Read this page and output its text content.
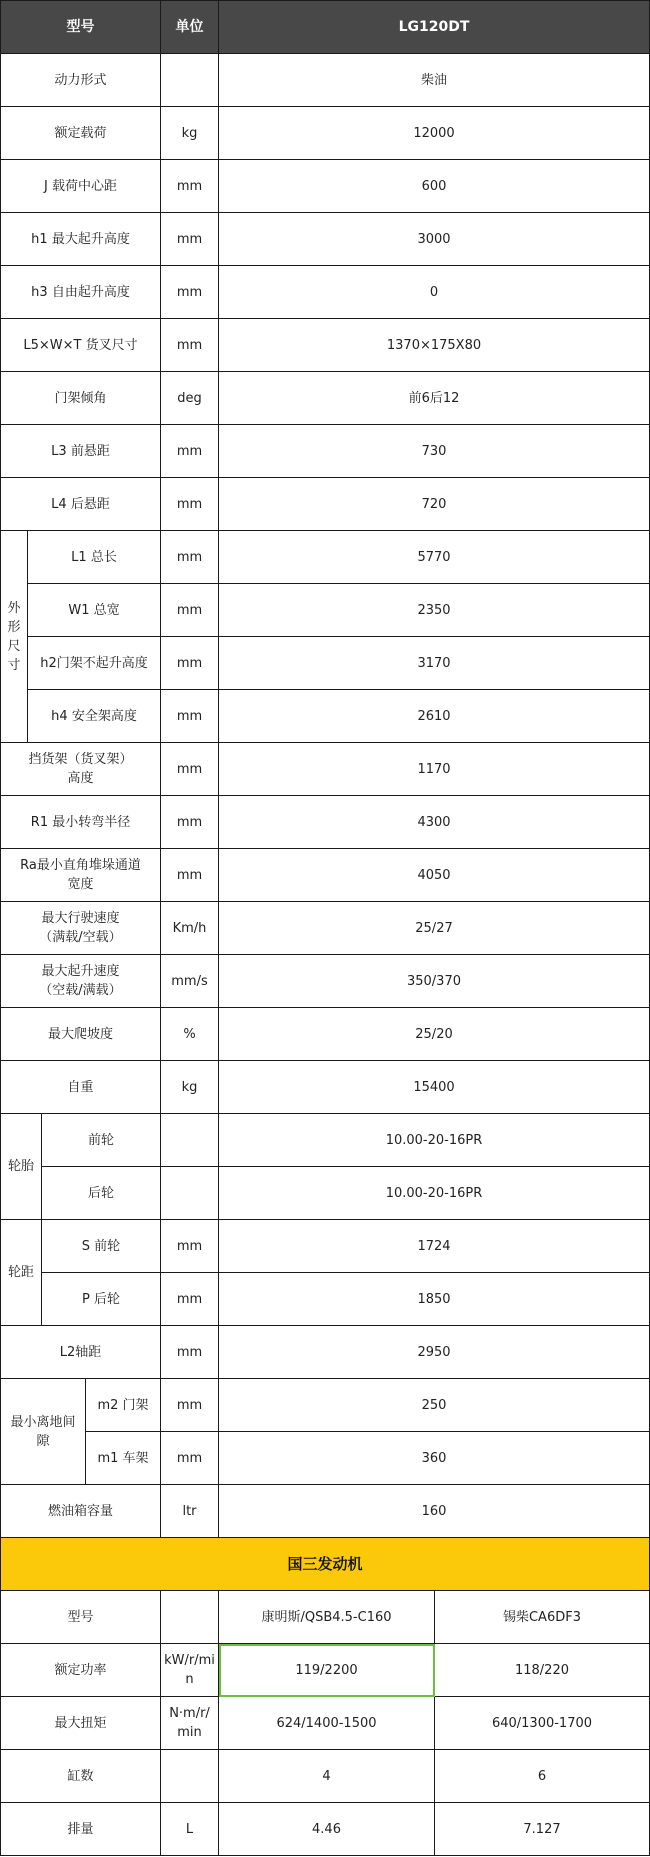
型号				单位	LG120DT	
动力形式					柴油	
额定载荷				kg	12000	
J 载荷中心距				mm	600	
h1 最大起升高度				mm	3000	
h3 自由起升高度				mm	0	
L5×W×T 货叉尺寸				mm	1370×175X80	
门架倾角				deg	前6后12	
L3 前悬距				mm	730	
L4 后悬距				mm	720	
外形尺寸	L1 总长			mm	5770	
	W1 总宽			mm	2350	
	h2门架不起升高度			mm	3170	
	h4 安全架高度			mm	2610	

挡货架（货叉架）
高度				mm	1170	
R1 最小转弯半径				mm	4300	

Ra最小直角堆垛通道
宽度				mm	4050	

最大行驶速度
（满载/空载）				Km/h	25/27	

最大起升速度
（空载/满载）				mm/s	350/370	
最大爬坡度				%	25/20	
自重				kg	15400	
轮胎		前轮			10.00-20-16PR	
		后轮			10.00-20-16PR	
轮距		S 前轮		mm	1724	
		P 后轮		mm	1850	
L2轴距				mm	2950	

最小离地间
隙			m2 门架	mm	250	
			m1 车架	mm	360	
燃油箱容量				ltr	160	
国三发动机						
型号					康明斯/QSB4.5-C160	锡柴CA6DF3
额定功率				kW/r/mi
n	119/2200	118/220
最大扭矩				N·m/r/
min	624/1400-1500	640/1300-1700
缸数					4	6
排量				L	4.46	7.127
